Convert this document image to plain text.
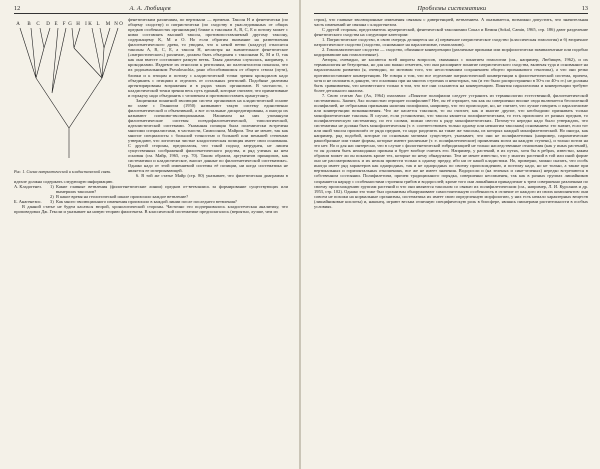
12	А. А. Любищев
A B C D E F G H I K L M N O
Рис. 1. Схема патристической и кладистической связи.

фенетическим различиям, по вертикали — времени. Таксон Н и фенетически (по общему сходству) и патристически (по сходству в унаследованных от общих предков особенностях организации) ближе к таксонам A, B, C, E и потому может с ними составлять высший таксон, противопоставляемый другому таксону, содержащему K, M и O. Но если обратим внимание на разветвления филогенетического древа, то увидим, что к некой ветви (кладусу) относятся таксоны A, B, C, E, a таксон H, несмотря на значительное фенетическое («патристическое») различие, должен быть объединен с таксонами K, M и O, так как они вместе составляют разную ветвь. Такая дилемма случилась, например, с крокодилами. Издревле их относили к рептилиям, но палеонтология показала, что их родоначальником Pseudosuchia, рано обособившимся от общего ствола (пути), близки и к птицам и потому с кладистической точки зрения крокодилов надо объединить с птицами и отделить от остальных рептилий. Подобные дилеммы аргентирированы возражения и в рядах таких организмов. В частности, с кладистической точки зрения весь путь единый, которые считают, что примитивные и горькуху надо объединить с человеком и противопоставить орангутангу.

Защитники понятной эволюции систем организмов на кладистической основе во главе с Геннигом (1950) назвывают такую систему единственно филогенетической и объективной, а все остальные дискредитированы, а иногда их называют плешиво-эволюционными. Нашимом на них упомянули филогенетические системы псевдофилогенетической, типологической, идеалистической системами. Указанная позиция была полемически встречена многими специалистами, в частности, Симпсоном, Майром. Тем не менее, так как многие специалисты с большой точностью и большей или меньшей степенью утверждают, что логически чистые кладистическая позиция имеет свои основания. С другой стороны, предполагая, что такой подход затруднен, не лишен существенных соображений филогенетического родства, и ряд ученых на нем основан (см. Майр, 1965, стр. 70). Таким образом, аргументов принципов, как систематики и кладистическое, вносят данные по филогенетической систематике». Однако надо от этой изменяемой системы её позиции, ни когда систематика не является ее исчерпывающей.

6. В той же статье Майр (стр. 80) указывает, что филетическая диаграмма в идеале должна содержать следующую информацию.

А. Кладогенез.	1) Какие главные ветвления (филогенетические линии) предков от-ветвлялись за формирование существующих или вымерших таксонов?
2) В какое время на геологической шкале произошло каждое ветвление?
Б. Анагенезис.	3) Как много эволюционного изменения произошло в каждой линии после последнего ветвления?

В данной статье не будем касаться второй, хронологической стороны. Частично это подчеркивалось кладистеческая аналитику, что проповедовал Дж. Гексли и указывает на новую теорию филогенеза. В классической систематике предполагалось (вероятно, лучше, чем из

Проблемы систематики	13

строк), что главные эволюционные изменения связаны с дивергенцией, ветвлением. А оказывается, возможно допустить, что значительная часть изменений не связана с кладогенезом.

С другой стороны, представитель нумерической, фенетической таксономии Сокал и Кемин (Sokal, Camin, 1965, стр. 186) дают разделение фенетического сходства на следующие категории:

1. Патристическое сходство, в свою очередь делящееся на: а) первичное патристическое сходство (классическая гомология) и б) вторичное патристическое сходство (сходство, основанное на параллелизме, гомоплазию).

2. Гомоплактическое сходство — сходство, обязанное конвергенции (различные признаки или морфологически эквивалентные или подобно кодировавшие как гомологичные).

Авторы, очевидно, не касаются всей широты вопросов, связанных с понятием гомологии (см., например, Любищев, 1962), и их терминология не безупречна, но для нас важно отметить, что они расширяют понятие патристического сходства, включая туда и основанное на параллельном развитии (я, очевидно, по мотивам того, что несостоявшим сохранением общего признакового генотипа), а что они резко противопоставляют конвергенцию. Не говоря о том, что все отделение патриастической конвергенции к филогенетической система, причем, хотя и не изложить в данную, что основаны при на многих ступенях и некоторых, так (и это было распространено в 50-х по 40-х гг.) не должны быть сравниваемы, что неизвестного только в том, что все они ссылаются на конвергенцию. Понятия параллелизма и конвергенции требуют более детального анализа.

7. Свою статью Акс (Ax, 1964) озаглавил: «Понятие полифилии следует устранить из терминологии естественной, филогенетической систематики». Значит, Акс полностью отрицает полифилию? Нет, он её отрицает, так как он совершенно вполне сюда включается бесполезной полифилией, не отбрасывая признания наличия полифилии, например, что это происходит, но, не считает, что лучше говорить о параллелизме или конвергенции возникновения. Что же касается таксонов, то он считает, как и многие другие, что необходимо признавать только монофилетические таксоны. В случае, если установлено, что таксон является полифилетическим, то есть произошел от разных предков, то полифилетическую систематику, по его словам, можно свести к ряду монофилетических. Потому-то нередко надо было утверждать, что систематика не должна быть монофилетическая (т. е. соответствовать только одному или немногим таксонам) основанием: это значит, если тот или иной таксон произошёл от ряда предков, то надо разделить на такие же таксоны, из которых каждый монофилетический. Но иногда, как например, ряд подобий, которые по основным мотивам существует, указывает, что они не полифилетичны (например, паразитические ракообразные или такие формы, которые имеют различные (т. е. полифилетические) проявления мозга на каждую ступень), и только потом на это нет. Но и для нас интересно, что в случае с филогенетической гибридизацией не только наследственные отношения (как у иных растений), то он должен быть неожиданно признан и будет вообще считать его. Например, у растений, в их путях, хотя бы в ребрах, известно, каким образом может ли он показать кроме тех, которые по нему обнаружено. Тем не менее известно, что у многих растений в той или иной форме оно не рассматривалось и их нельзя привести только к одному предку, ибо ни от какой кладистики. Но, примерно, можно сказать, что особь иногда имеет ряд характеров как однородных, так и не однородных по своему происхождению, и поэтому надо, но не только, а также при вертикальных и горизонтальных отношениях, все же не имеет значения. Водоросли и (на зеленых и сине-зеленых) нередко встречаются в собственном состоянии. Полифилетизм, причем традиционного порядка, совершенно несомненен, так как в разных группах лишайников сохраняется наряду с особенностями строения грибов и водорослей; кроме того они лишайники принадлежат к трем совершенно различным по своему происхождению группам растений и что они являются таксоном со связью их полифилетическим (см., например, Л. И. Курсанов и др. 1953, стр. 102). Однако это тоже был организмы обнаруживают самостоятельную особенность в отличие от каждого из своих компонентов: они совсем не похожи на нормальные организмы, систематика их имеет свою определенную морфологию, у них есть немало характерных веществ (лишайниковые кислоты) и, наконец, играют весьма отличную специфическую роль в биосфере, являясь пионерами растительности в особых условиях.
